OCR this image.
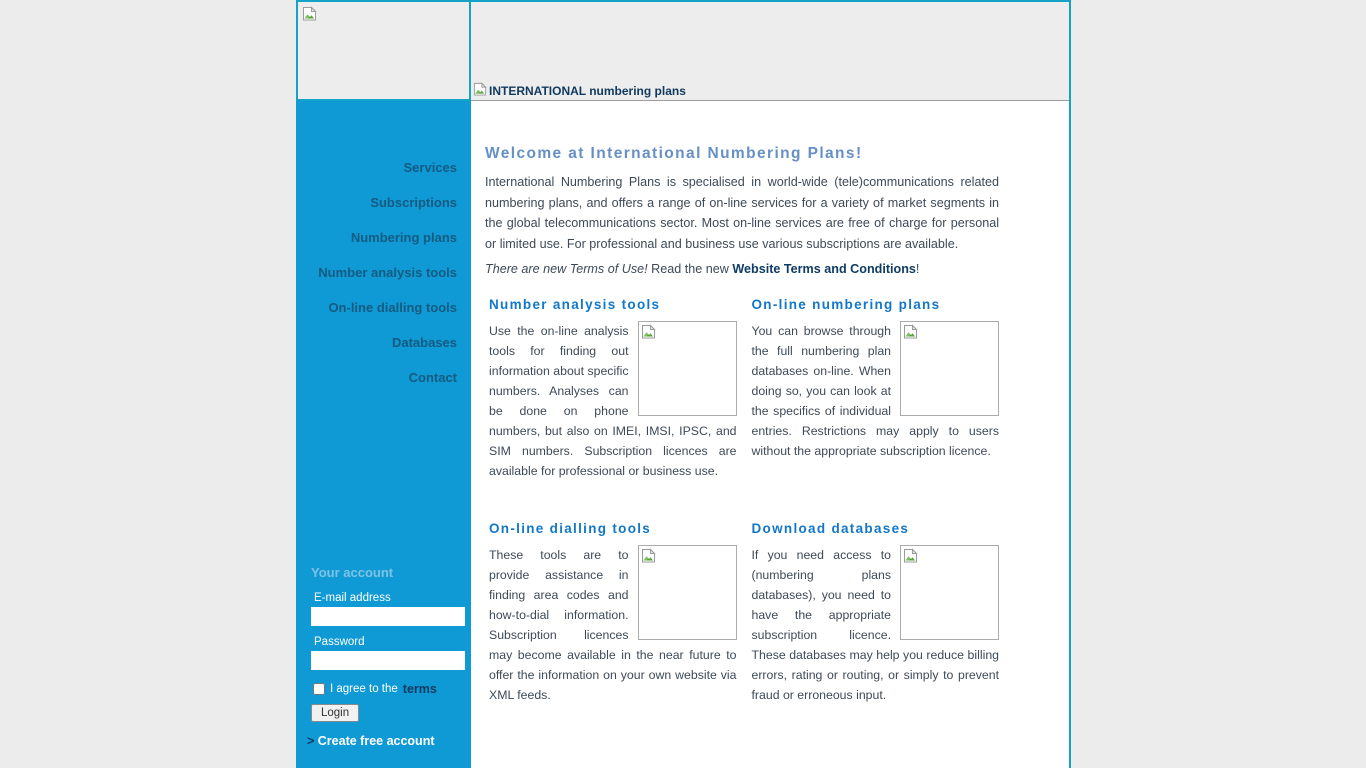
INTERNATIONAL numbering plans
Services
Subscriptions
Numbering plans
Number analysis tools
On-line dialling tools
Databases
Contact
Your account
E-mail address
Password
I agree to the terms
Login
> Create free account
Welcome at International Numbering Plans!

International Numbering Plans is specialised in world-wide (tele)communications related numbering plans, and offers a range of on-line services for a variety of market segments in the global telecommunications sector. Most on-line services are free of charge for personal or limited use. For professional and business use various subscriptions are available.

There are new Terms of Use! Read the new Website Terms and Conditions!

Number analysis tools

Use the on-line analysis tools for finding out information about specific numbers. Analyses can be done on phone numbers, but also on IMEI, IMSI, IPSC, and SIM numbers. Subscription licences are available for professional or business use.

On-line numbering plans

You can browse through the full numbering plan databases on-line. When doing so, you can look at the specifics of individual entries. Restrictions may apply to users without the appropriate subscription licence.

On-line dialling tools

These tools are to provide assistance in finding area codes and how-to-dial information. Subscription licences may become available in the near future to offer the information on your own website via XML feeds.

Download databases

If you need access to (numbering plans databases), you need to have the appropriate subscription licence. These databases may help you reduce billing errors, rating or routing, or simply to prevent fraud or erroneous input.
